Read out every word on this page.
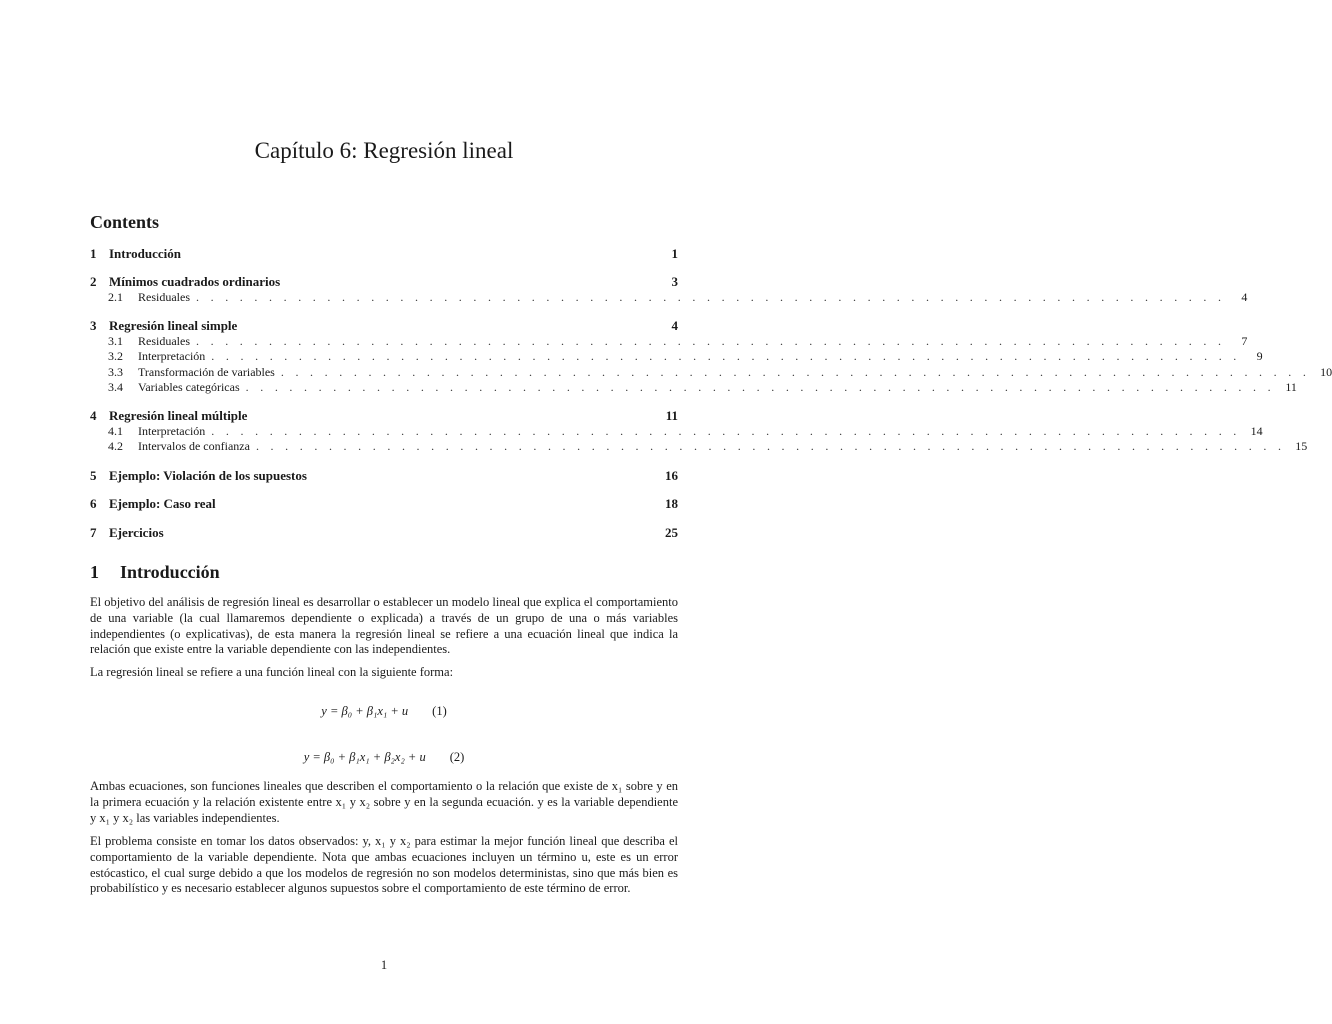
Capítulo 6: Regresión lineal
Contents
1 Introducción	1
2 Mínimos cuadrados ordinarios	3
2.1	Residuales . . . . . . . . . . . . . . . . . . . . . . . . . . . . . . . . . . . . . . . . . . . . . . . . . . . . . . . . . . . . . . . . . . . . . . .	4
3 Regresión lineal simple	4
3.1	Residuales . . . . . . . . . . . . . . . . . . . . . . . . . . . . . . . . . . . . . . . . . . . . . . . . . . . . . . . . . . . . . . . . . . . . . . .	7
3.2	Interpretación . . . . . . . . . . . . . . . . . . . . . . . . . . . . . . . . . . . . . . . . . . . . . . . . . . . . . . . . . . . . . . . . . . . . . . .	9
3.3	Transformación de variables . . . . . . . . . . . . . . . . . . . . . . . . . . . . . . . . . . . . . . . . . . . . . . . . . . . . . . . . . . . . . . . . . . . . . . . 10
3.4	Variables categóricas . . . . . . . . . . . . . . . . . . . . . . . . . . . . . . . . . . . . . . . . . . . . . . . . . . . . . . . . . . . . . . . . . . . . . . . 11
4 Regresión lineal múltiple	11
4.1	Interpretación . . . . . . . . . . . . . . . . . . . . . . . . . . . . . . . . . . . . . . . . . . . . . . . . . . . . . . . . . . . . . . . . . . . . . . . 14
4.2	Intervalos de confianza . . . . . . . . . . . . . . . . . . . . . . . . . . . . . . . . . . . . . . . . . . . . . . . . . . . . . . . . . . . . . . . . . . . . . . . 15
5 Ejemplo: Violación de los supuestos	16
6 Ejemplo: Caso real	18
7 Ejercicios	25
1 Introducción

El objetivo del análisis de regresión lineal es desarrollar o establecer un modelo lineal que explica el comportamiento de una variable (la cual llamaremos dependiente o explicada) a través de un grupo de una o más variables independientes (o explicativas), de esta manera la regresión lineal se refiere a una ecuación lineal que indica la relación que existe entre la variable dependiente con las independientes.

La regresión lineal se refiere a una función lineal con la siguiente forma:

y = β₀ + β₁x₁ + u (1)
y = β₀ + β₁x₁ + β₂x₂ + u (2)

Ambas ecuaciones, son funciones lineales que describen el comportamiento o la relación que existe de x₁ sobre y en la primera ecuación y la relación existente entre x₁ y x₂ sobre y en la segunda ecuación. y es la variable dependiente y x₁ y x₂ las variables independientes.

El problema consiste en tomar los datos observados: y, x₁ y x₂ para estimar la mejor función lineal que describa el comportamiento de la variable dependiente. Nota que ambas ecuaciones incluyen un término u, este es un error estócastico, el cual surge debido a que los modelos de regresión no son modelos deterministas, sino que más bien es probabilístico y es necesario establecer algunos supuestos sobre el comportamiento de este término de error.

1
